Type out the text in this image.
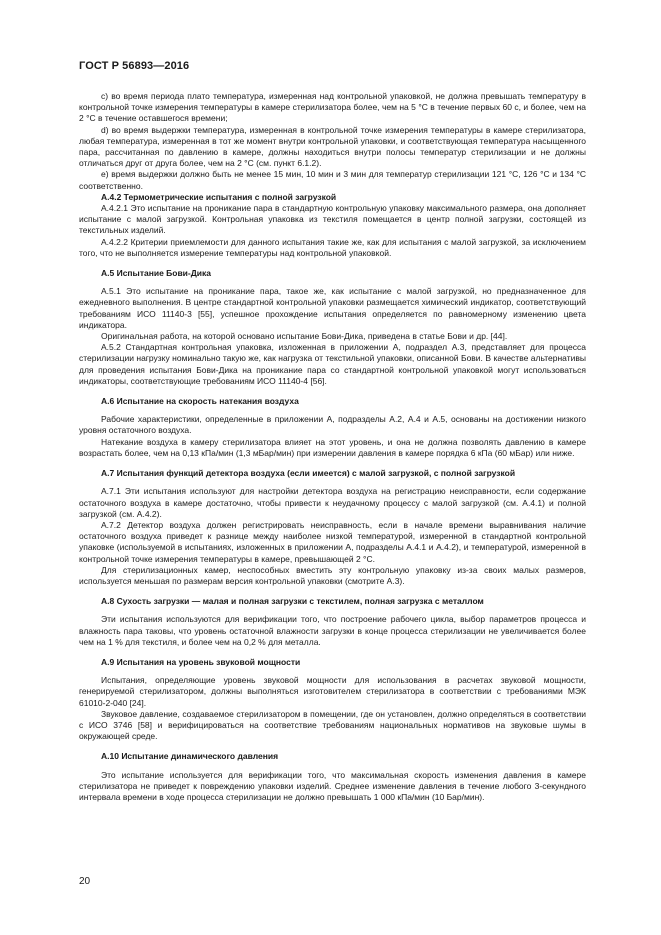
ГОСТ Р 56893—2016

c) во время периода плато температура, измеренная над контрольной упаковкой, не должна превышать температуру в контрольной точке измерения температуры в камере стерилизатора более, чем на 5 °C в течение первых 60 с, и более, чем на 2 °C в течение оставшегося времени;

d) во время выдержки температура, измеренная в контрольной точке измерения температуры в камере стерилизатора, любая температура, измеренная в тот же момент внутри контрольной упаковки, и соответствующая температура насыщенного пара, рассчитанная по давлению в камере, должны находиться внутри полосы температур стерилизации и не должны отличаться друг от друга более, чем на 2 °C (см. пункт 6.1.2).

e) время выдержки должно быть не менее 15 мин, 10 мин и 3 мин для температур стерилизации 121 °C, 126 °C и 134 °C соответственно.

А.4.2 Термометрические испытания с полной загрузкой

А.4.2.1 Это испытание на проникание пара в стандартную контрольную упаковку максимального размера, она дополняет испытание с малой загрузкой. Контрольная упаковка из текстиля помещается в центр полной загрузки, состоящей из текстильных изделий.

А.4.2.2 Критерии приемлемости для данного испытания такие же, как для испытания с малой загрузкой, за исключением того, что не выполняется измерение температуры над контрольной упаковкой.

А.5 Испытание Бови-Дика

А.5.1 Это испытание на проникание пара, такое же, как испытание с малой загрузкой, но предназначенное для ежедневного выполнения. В центре стандартной контрольной упаковки размещается химический индикатор, соответствующий требованиям ИСО 11140-3 [55], успешное прохождение испытания определяется по равномерному изменению цвета индикатора.

Оригинальная работа, на которой основано испытание Бови-Дика, приведена в статье Бови и др. [44].

А.5.2 Стандартная контрольная упаковка, изложенная в приложении А, подраздел А.3, представляет для процесса стерилизации нагрузку номинально такую же, как нагрузка от текстильной упаковки, описанной Бови. В качестве альтернативы для проведения испытания Бови-Дика на проникание пара со стандартной контрольной упаковкой могут использоваться индикаторы, соответствующие требованиям ИСО 11140-4 [56].

А.6 Испытание на скорость натекания воздуха

Рабочие характеристики, определенные в приложении А, подразделы А.2, А.4 и А.5, основаны на достижении низкого уровня остаточного воздуха.

Натекание воздуха в камеру стерилизатора влияет на этот уровень, и она не должна позволять давлению в камере возрастать более, чем на 0,13 кПа/мин (1,3 мБар/мин) при измерении давления в камере порядка 6 кПа (60 мБар) или ниже.

А.7 Испытания функций детектора воздуха (если имеется) с малой загрузкой, с полной загрузкой

А.7.1 Эти испытания используют для настройки детектора воздуха на регистрацию неисправности, если содержание остаточного воздуха в камере достаточно, чтобы привести к неудачному процессу с малой загрузкой (см. А.4.1) и полной загрузкой (см. А.4.2).

А.7.2 Детектор воздуха должен регистрировать неисправность, если в начале времени выравнивания наличие остаточного воздуха приведет к разнице между наиболее низкой температурой, измеренной в стандартной контрольной упаковке (используемой в испытаниях, изложенных в приложении А, подразделы А.4.1 и А.4.2), и температурой, измеренной в контрольной точке измерения температуры в камере, превышающей 2 °C.

Для стерилизационных камер, неспособных вместить эту контрольную упаковку из-за своих малых размеров, используется меньшая по размерам версия контрольной упаковки (смотрите А.3).

А.8 Сухость загрузки — малая и полная загрузки с текстилем, полная загрузка с металлом

Эти испытания используются для верификации того, что построение рабочего цикла, выбор параметров процесса и влажность пара таковы, что уровень остаточной влажности загрузки в конце процесса стерилизации не увеличивается более чем на 1 % для текстиля, и более чем на 0,2 % для металла.

А.9 Испытания на уровень звуковой мощности

Испытания, определяющие уровень звуковой мощности для использования в расчетах звуковой мощности, генерируемой стерилизатором, должны выполняться изготовителем стерилизатора в соответствии с требованиями МЭК 61010-2-040 [24].

Звуковое давление, создаваемое стерилизатором в помещении, где он установлен, должно определяться в соответствии с ИСО 3746 [58] и верифицироваться на соответствие требованиям национальных нормативов на звуковые шумы в окружающей среде.

А.10 Испытание динамического давления

Это испытание используется для верификации того, что максимальная скорость изменения давления в камере стерилизатора не приведет к повреждению упаковки изделий. Среднее изменение давления в течение любого 3-секундного интервала времени в ходе процесса стерилизации не должно превышать 1 000 кПа/мин (10 Бар/мин).

20
